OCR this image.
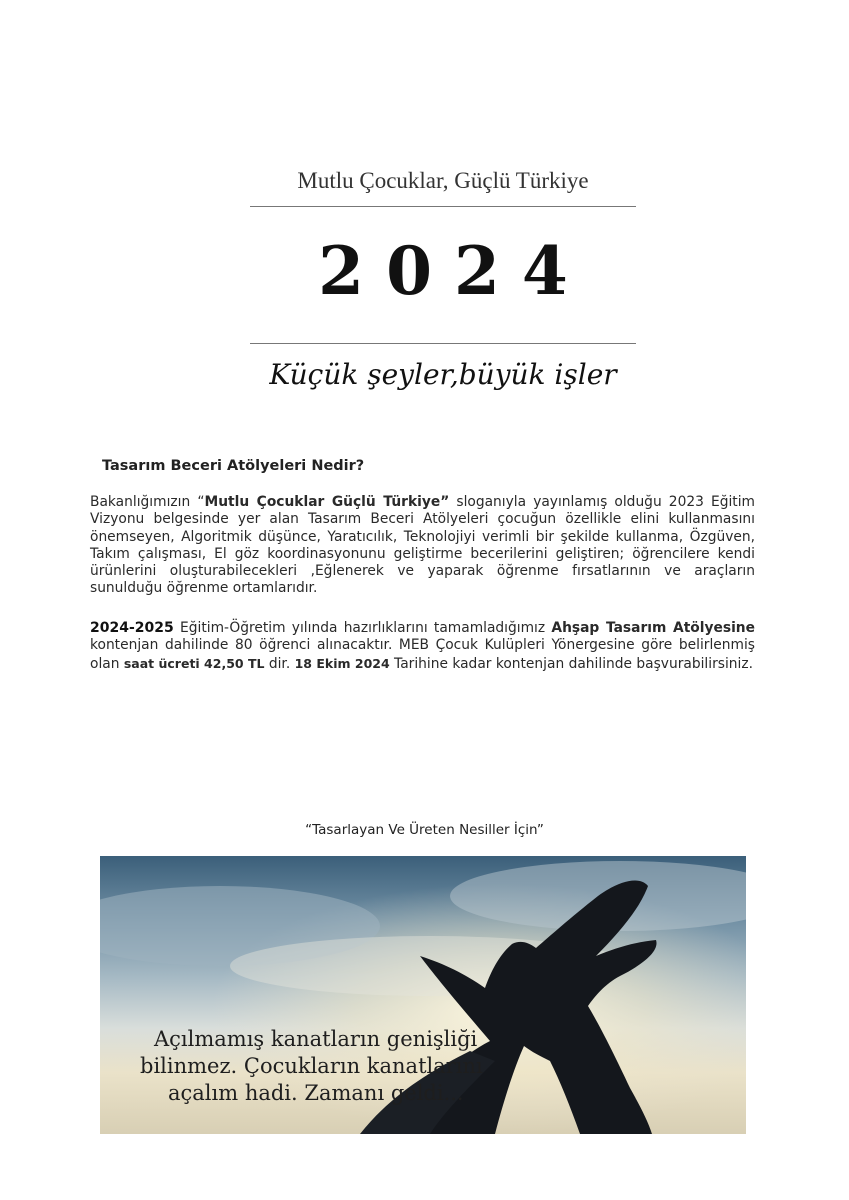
Mutlu Çocuklar, Güçlü Türkiye
2024
Küçük şeyler,büyük işler
Tasarım Beceri Atölyeleri Nedir?
Bakanlığımızın “Mutlu Çocuklar Güçlü Türkiye” sloganıyla yayınlamış olduğu 2023 Eğitim Vizyonu belgesinde yer alan Tasarım Beceri Atölyeleri çocuğun özellikle elini kullanmasını önemseyen, Algoritmik düşünce, Yaratıcılık, Teknolojiyi verimli bir şekilde kullanma, Özgüven, Takım çalışması, El göz koordinasyonunu geliştirme becerilerini geliştiren; öğrencilere kendi ürünlerini oluşturabilecekleri ,Eğlenerek ve yaparak öğrenme fırsatlarının ve araçların sunulduğu öğrenme ortamlarıdır.
2024-2025 Eğitim-Öğretim yılında hazırlıklarını tamamladığımız Ahşap Tasarım Atölyesine kontenjan dahilinde 80 öğrenci alınacaktır. MEB Çocuk Kulüpleri Yönergesine göre belirlenmiş olan saat ücreti 42,50 TL dir. 18 Ekim 2024 Tarihine kadar kontenjan dahilinde başvurabilirsiniz.
“Tasarlayan Ve Üreten Nesiller İçin”
Açılmamış kanatların genişliği
bilinmez. Çocukların kanatlarını
açalım hadi. Zamanı geldi...
